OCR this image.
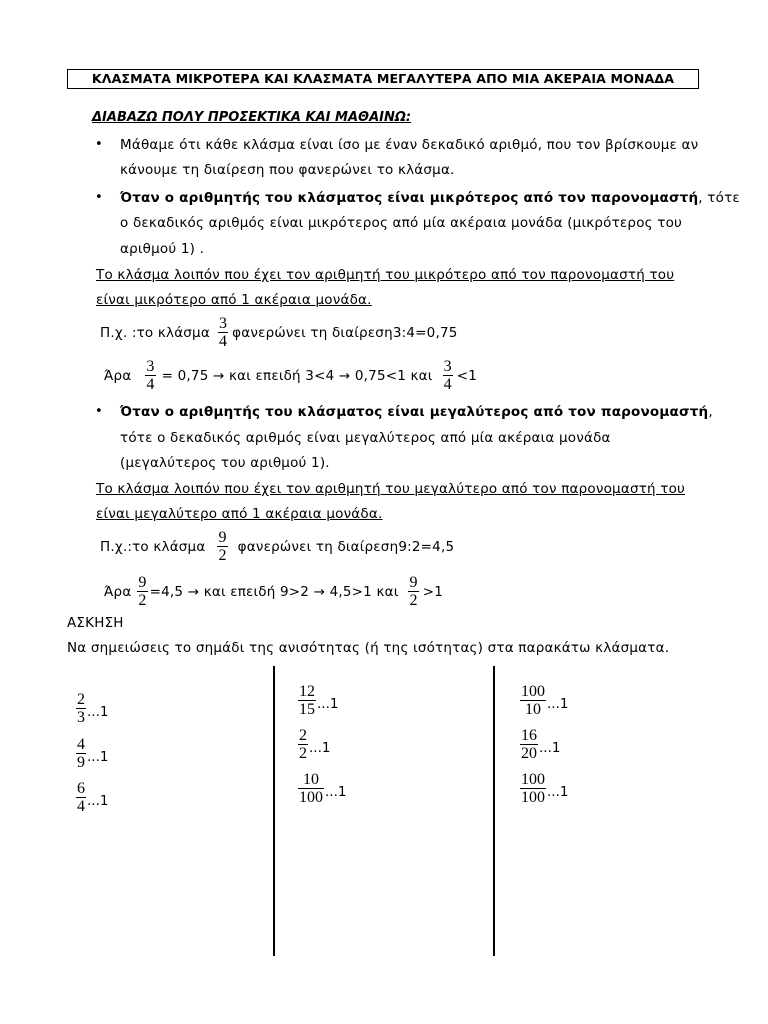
ΚΛΑΣΜΑΤΑ ΜΙΚΡΟΤΕΡΑ ΚΑΙ ΚΛΑΣΜΑΤΑ ΜΕΓΑΛΥΤΕΡΑ ΑΠΟ ΜΙΑ ΑΚΕΡΑΙΑ ΜΟΝΑΔΑ
ΔΙΑΒΑΖΩ ΠΟΛΥ ΠΡΟΣΕΚΤΙΚΑ ΚΑΙ ΜΑΘΑΙΝΩ:
• Μάθαμε ότι κάθε κλάσμα είναι ίσο με έναν δεκαδικό αριθμό, που τον βρίσκουμε αν
κάνουμε τη διαίρεση που φανερώνει το κλάσμα.
• Όταν ο αριθμητής του κλάσματος είναι μικρότερος από τον παρονομαστή, τότε
ο δεκαδικός αριθμός είναι μικρότερος από μία ακέραια μονάδα (μικρότερος του
αριθμού 1) .
Το κλάσμα λοιπόν που έχει τον αριθμητή του μικρότερο από τον παρονομαστή του
είναι μικρότερο από 1 ακέραια μονάδα.
Π.χ. :το κλάσμα $\frac{3}{4}$ φανερώνει τη διαίρεση3:4=0,75
Άρα $\frac{3}{4} = 0,75 \to \kappa\alpha\iota$ επειδή 3<4 → 0,75<1 και $\frac{3}{4} <1$
• Όταν ο αριθμητής του κλάσματος είναι μεγαλύτερος από τον παρονομαστή,
τότε ο δεκαδικός αριθμός είναι μεγαλύτερος από μία ακέραια μονάδα
(μεγαλύτερος του αριθμού 1).
Το κλάσμα λοιπόν που έχει τον αριθμητή του μεγαλύτερο από τον παρονομαστή του
είναι μεγαλύτερο από 1 ακέραια μονάδα.
Π.χ.:το κλάσμα $\frac{9}{2}$ φανερώνει τη διαίρεση9:2=4,5
Άρα $\frac{9}{2} =4,5 \to \kappa\alpha\iota$ επειδή 9>2 → 4,5>1 και $\frac{9}{2} >1$
ΑΣΚΗΣΗ
Να σημειώσεις το σημάδι της ανισότητας (ή της ισότητας) στα παρακάτω κλάσματα.
$\frac{2}{3} ...1$
$\frac{4}{9} ...1$
$\frac{6}{4} ...1$
$\frac{12}{15} ...1$
$\frac{2}{2} ...1$
$\frac{10}{100} ...1$
$\frac{100}{10} ...1$
$\frac{16}{20} ...1$
$\frac{100}{100} ...1$
